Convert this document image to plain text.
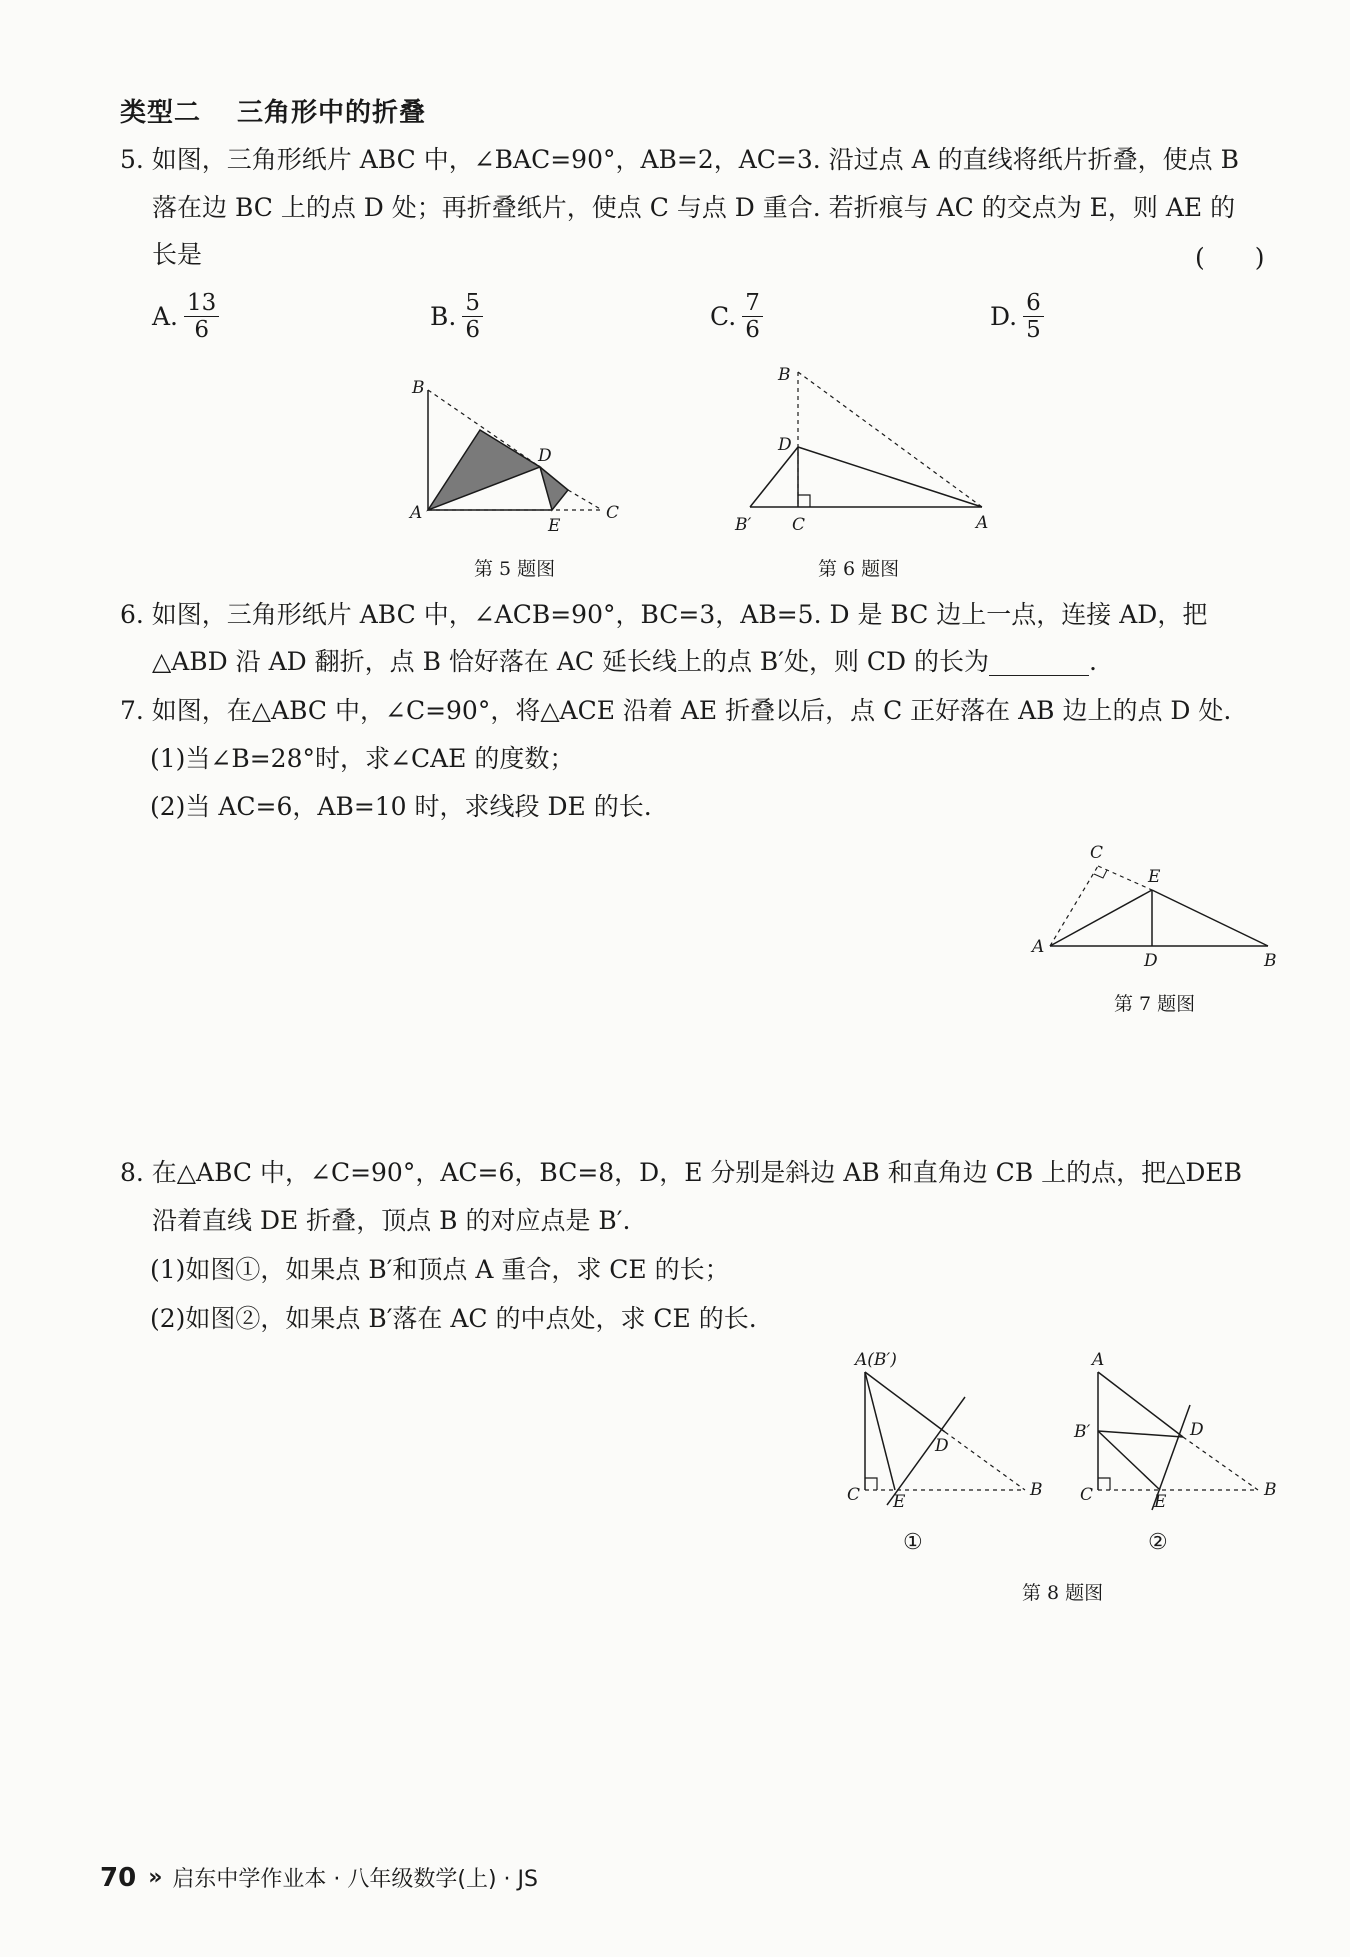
类型二 三角形中的折叠
5. 如图，三角形纸片 ABC 中，∠BAC=90°，AB=2，AC=3. 沿过点 A 的直线将纸片折叠，使点 B
落在边 BC 上的点 D 处；再折叠纸片，使点 C 与点 D 重合. 若折痕与 AC 的交点为 E，则 AE 的
长是	(　　)
A. $\frac{13}{6}$	B. $\frac{5}{6}$	C. $\frac{7}{6}$	D. $\frac{6}{5}$
B
D
A
E
C
第 5 题图
B
D
B′ C	A
第 6 题图
6. 如图，三角形纸片 ABC 中，∠ACB=90°，BC=3，AB=5. D 是 BC 边上一点，连接 AD，把
△ABD 沿 AD 翻折，点 B 恰好落在 AC 延长线上的点 B′处，则 CD 的长为________.
7. 如图，在△ABC 中，∠C=90°，将△ACE 沿着 AE 折叠以后，点 C 正好落在 AB 边上的点 D 处.
(1)当∠B=28°时，求∠CAE 的度数；
(2)当 AC=6，AB=10 时，求线段 DE 的长.
C
E
A
D	B
第 7 题图
8. 在△ABC 中，∠C=90°，AC=6，BC=8，D，E 分别是斜边 AB 和直角边 CB 上的点，把△DEB
沿着直线 DE 折叠，顶点 B 的对应点是 B′.
(1)如图①，如果点 B′和顶点 A 重合，求 CE 的长；
(2)如图②，如果点 B′落在 AC 的中点处，求 CE 的长.
A(B′)
D
C E
B
A
B′	D
C	E
B
①	②
第 8 题图
70 » 启东中学作业本 · 八年级数学(上) · JS
